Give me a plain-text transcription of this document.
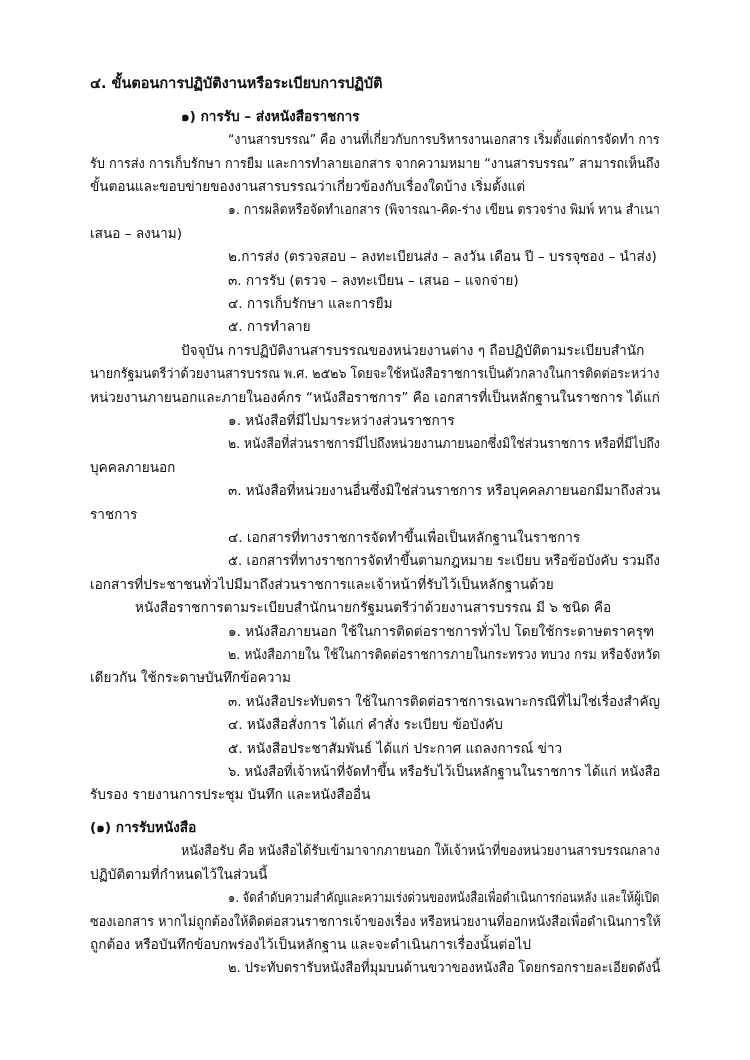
๔. ขั้นตอนการปฏิบัติงานหรือระเบียบการปฏิบัติ
๑) การรับ – ส่งหนังสือราชการ
“งานสารบรรณ” คือ งานที่เกี่ยวกับการบริหารงานเอกสาร เริ่มตั้งแต่การจัดทำ การ
รับ การส่ง การเก็บรักษา การยืม และการทำลายเอกสาร จากความหมาย “งานสารบรรณ” สามารถเห็นถึง
ขั้นตอนและขอบข่ายของงานสารบรรณว่าเกี่ยวข้องกับเรื่องใดบ้าง เริ่มตั้งแต่
๑. การผลิตหรือจัดทำเอกสาร (พิจารณา-คิด-ร่าง เขียน ตรวจร่าง พิมพ์ ทาน สำเนา
เสนอ – ลงนาม)
๒.การส่ง (ตรวจสอบ – ลงทะเบียนส่ง – ลงวัน เดือน ปี – บรรจุซอง – นำส่ง)
๓. การรับ (ตรวจ – ลงทะเบียน – เสนอ – แจกจ่าย)
๔. การเก็บรักษา และการยืม
๕. การทำลาย
ปัจจุบัน การปฏิบัติงานสารบรรณของหน่วยงานต่าง ๆ ถือปฏิบัติตามระเบียบสำนัก
นายกรัฐมนตรีว่าด้วยงานสารบรรณ พ.ศ. ๒๕๒๖ โดยจะใช้หนังสือราชการเป็นตัวกลางในการติดต่อระหว่าง
หน่วยงานภายนอกและภายในองค์กร “หนังสือราชการ” คือ เอกสารที่เป็นหลักฐานในราชการ ได้แก่
๑. หนังสือที่มีไปมาระหว่างส่วนราชการ
๒. หนังสือที่ส่วนราชการมีไปถึงหน่วยงานภายนอกซึ่งมิใช่ส่วนราชการ หรือที่มีไปถึง
บุคคลภายนอก
๓. หนังสือที่หน่วยงานอื่นซึ่งมิใช่ส่วนราชการ หรือบุคคลภายนอกมีมาถึงส่วน
ราชการ
๔. เอกสารที่ทางราชการจัดทำขึ้นเพื่อเป็นหลักฐานในราชการ
๕. เอกสารที่ทางราชการจัดทำขึ้นตามกฎหมาย ระเบียบ หรือข้อบังคับ รวมถึง
เอกสารที่ประชาชนทั่วไปมีมาถึงส่วนราชการและเจ้าหน้าที่รับไว้เป็นหลักฐานด้วย
หนังสือราชการตามระเบียบสำนักนายกรัฐมนตรีว่าด้วยงานสารบรรณ มี ๖ ชนิด คือ
๑. หนังสือภายนอก ใช้ในการติดต่อราชการทั่วไป โดยใช้กระดาษตราครุฑ
๒. หนังสือภายใน ใช้ในการติดต่อราชการภายในกระทรวง ทบวง กรม หรือจังหวัด
เดียวกัน ใช้กระดาษบันทึกข้อความ
๓. หนังสือประทับตรา ใช้ในการติดต่อราชการเฉพาะกรณีที่ไม่ใช่เรื่องสำคัญ
๔. หนังสือสั่งการ ได้แก่ คำสั่ง ระเบียบ ข้อบังคับ
๕. หนังสือประชาสัมพันธ์ ได้แก่ ประกาศ แถลงการณ์ ข่าว
๖. หนังสือที่เจ้าหน้าที่จัดทำขึ้น หรือรับไว้เป็นหลักฐานในราชการ ได้แก่ หนังสือ
รับรอง รายงานการประชุม บันทึก และหนังสืออื่น
(๑) การรับหนังสือ
หนังสือรับ คือ หนังสือได้รับเข้ามาจากภายนอก ให้เจ้าหน้าที่ของหน่วยงานสารบรรณกลาง
ปฏิบัติตามที่กำหนดไว้ในส่วนนี้
๑. จัดลำดับความสำคัญและความเร่งด่วนของหนังสือเพื่อดำเนินการก่อนหลัง และให้ผู้เปิด
ซองเอกสาร หากไม่ถูกต้องให้ติดต่อสวนราชการเจ้าของเรื่อง หรือหน่วยงานที่ออกหนังสือเพื่อดำเนินการให้
ถูกต้อง หรือบันทึกข้อบกพร่องไว้เป็นหลักฐาน และจะดำเนินการเรื่องนั้นต่อไป
๒. ประทับตรารับหนังสือที่มุมบนด้านขวาของหนังสือ โดยกรอกรายละเอียดดังนี้
